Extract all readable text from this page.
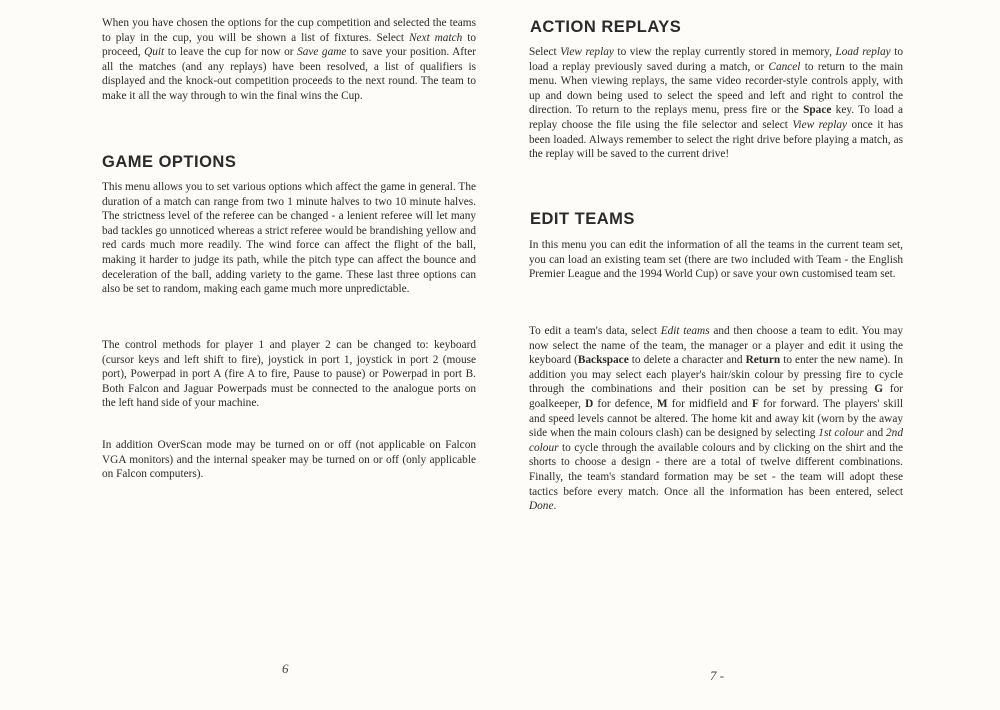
When you have chosen the options for the cup competition and selected the teams to play in the cup, you will be shown a list of fixtures. Select Next match to proceed, Quit to leave the cup for now or Save game to save your position. After all the matches (and any replays) have been resolved, a list of qualifiers is displayed and the knock-out competition proceeds to the next round. The team to make it all the way through to win the final wins the Cup.

GAME OPTIONS

This menu allows you to set various options which affect the game in general. The duration of a match can range from two 1 minute halves to two 10 minute halves. The strictness level of the referee can be changed - a lenient referee will let many bad tackles go unnoticed whereas a strict referee would be brandishing yellow and red cards much more readily. The wind force can affect the flight of the ball, making it harder to judge its path, while the pitch type can affect the bounce and deceleration of the ball, adding variety to the game. These last three options can also be set to random, making each game much more unpredictable.

The control methods for player 1 and player 2 can be changed to: keyboard (cursor keys and left shift to fire), joystick in port 1, joystick in port 2 (mouse port), Powerpad in port A (fire A to fire, Pause to pause) or Powerpad in port B. Both Falcon and Jaguar Powerpads must be connected to the analogue ports on the left hand side of your machine.

In addition OverScan mode may be turned on or off (not applicable on Falcon VGA monitors) and the internal speaker may be turned on or off (only applicable on Falcon computers).

6
ACTION REPLAYS

Select View replay to view the replay currently stored in memory, Load replay to load a replay previously saved during a match, or Cancel to return to the main menu. When viewing replays, the same video recorder-style controls apply, with up and down being used to select the speed and left and right to control the direction. To return to the replays menu, press fire or the Space key. To load a replay choose the file using the file selector and select View replay once it has been loaded. Always remember to select the right drive before playing a match, as the replay will be saved to the current drive!

EDIT TEAMS

In this menu you can edit the information of all the teams in the current team set, you can load an existing team set (there are two included with Team - the English Premier League and the 1994 World Cup) or save your own customised team set.

To edit a team's data, select Edit teams and then choose a team to edit. You may now select the name of the team, the manager or a player and edit it using the keyboard (Backspace to delete a character and Return to enter the new name). In addition you may select each player's hair/skin colour by pressing fire to cycle through the combinations and their position can be set by pressing G for goalkeeper, D for defence, M for midfield and F for forward. The players' skill and speed levels cannot be altered. The home kit and away kit (worn by the away side when the main colours clash) can be designed by selecting 1st colour and 2nd colour to cycle through the available colours and by clicking on the shirt and the shorts to choose a design - there are a total of twelve different combinations. Finally, the team's standard formation may be set - the team will adopt these tactics before every match. Once all the information has been entered, select Done.

7 -
